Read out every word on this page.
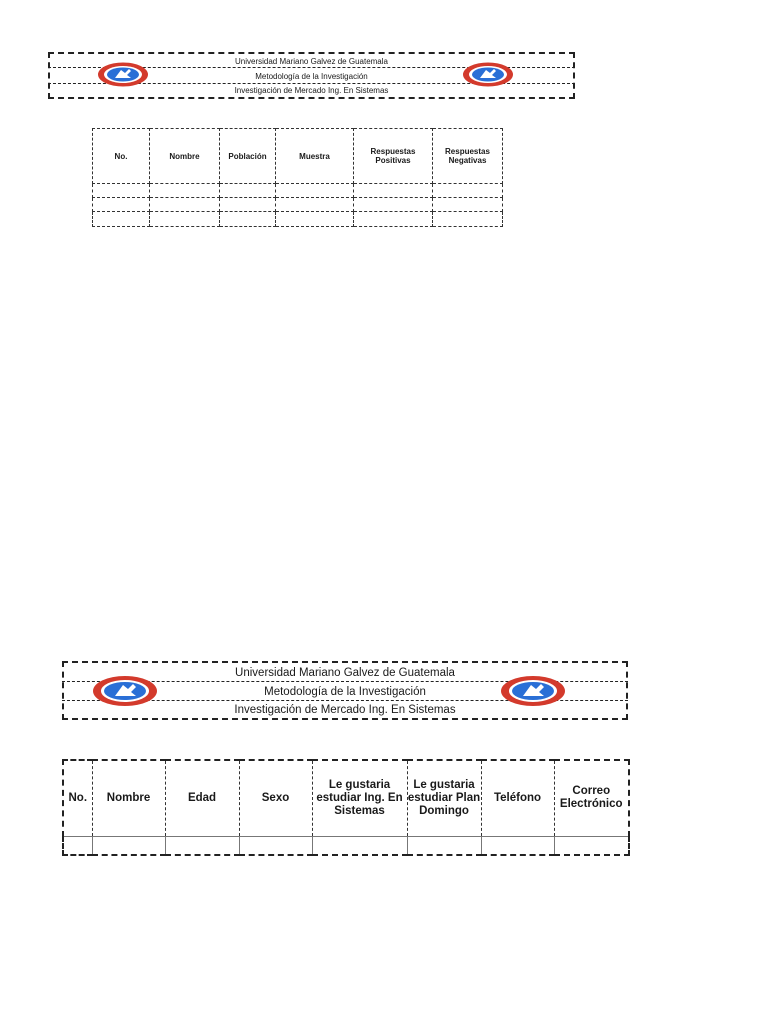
Universidad Mariano Galvez de Guatemala
Metodología de la Investigación
Investigación de Mercado Ing. En Sistemas
No.	Nombre	Población	Muestra	Respuestas Positivas	Respuestas Negativas

Universidad Mariano Galvez de Guatemala
Metodología de la Investigación
Investigación de Mercado Ing. En Sistemas
No.	Nombre	Edad	Sexo	Le gustaria estudiar Ing. En Sistemas	Le gustaria estudiar Plan Domingo	Teléfono	Correo Electrónico
